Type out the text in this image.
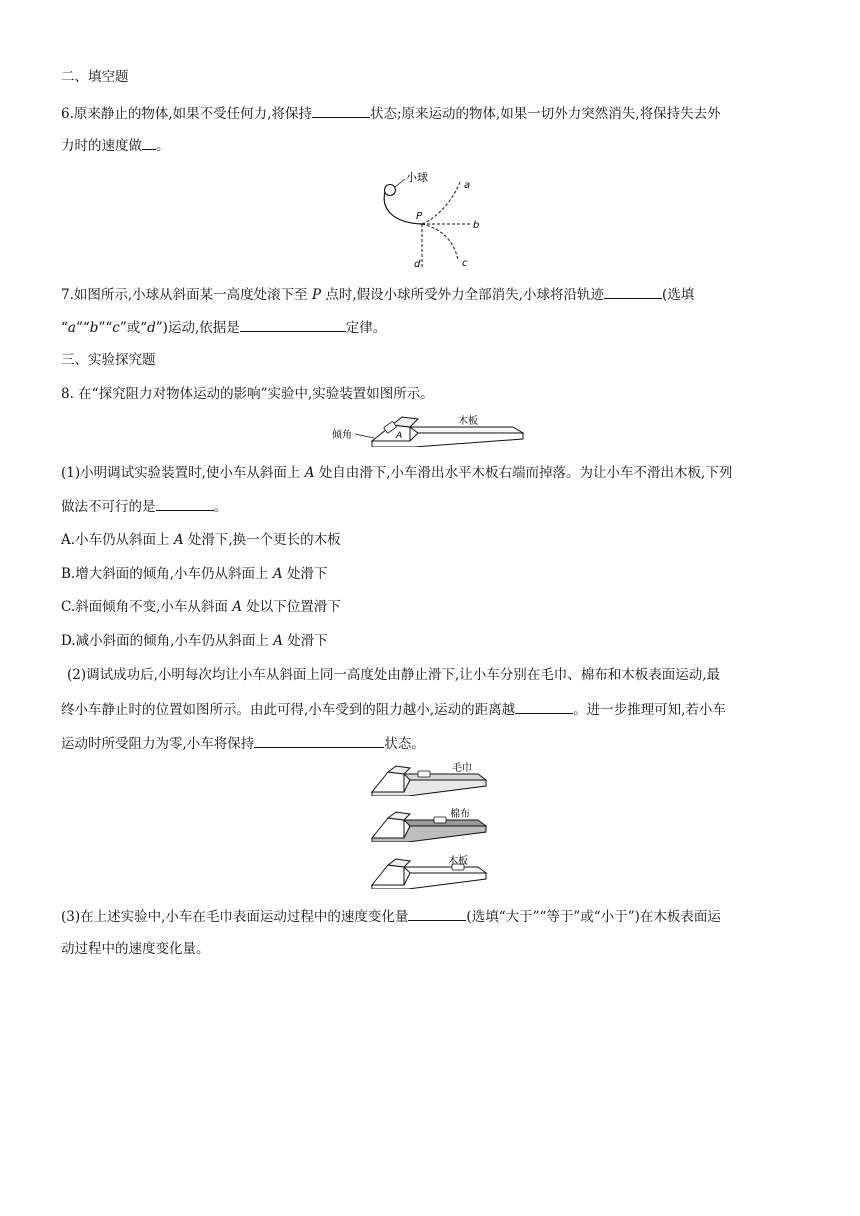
二、填空题
6.原来静止的物体,如果不受任何力,将保持	状态;原来运动的物体,如果一切外力突然消失,将保持失去外
力时的速度做 。
小球
P
a
b
c
d
7.如图所示,小球从斜面某一高度处滚下至 P 点时,假设小球所受外力全部消失,小球将沿轨迹	(选填
“a”“b”“c”或“d”)运动,依据是	定律。
三、实验探究题
8. 在“探究阻力对物体运动的影响”实验中,实验装置如图所示。
倾角	A
木板
(1)小明调试实验装置时,使小车从斜面上 A 处自由滑下,小车滑出水平木板右端而掉落。为让小车不滑出木板,下列
做法不可行的是	。
A.小车仍从斜面上 A 处滑下,换一个更长的木板
B.增大斜面的倾角,小车仍从斜面上 A 处滑下
C.斜面倾角不变,小车从斜面 A 处以下位置滑下
D.减小斜面的倾角,小车仍从斜面上 A 处滑下
(2)调试成功后,小明每次均让小车从斜面上同一高度处由静止滑下,让小车分别在毛巾、棉布和木板表面运动,最
终小车静止时的位置如图所示。由此可得,小车受到的阻力越小,运动的距离越	。进一步推理可知,若小车
运动时所受阻力为零,小车将保持	状态。
毛巾
棉布
木板
(3)在上述实验中,小车在毛巾表面运动过程中的速度变化量	(选填“大于”“等于”或“小于”)在木板表面运
动过程中的速度变化量。
